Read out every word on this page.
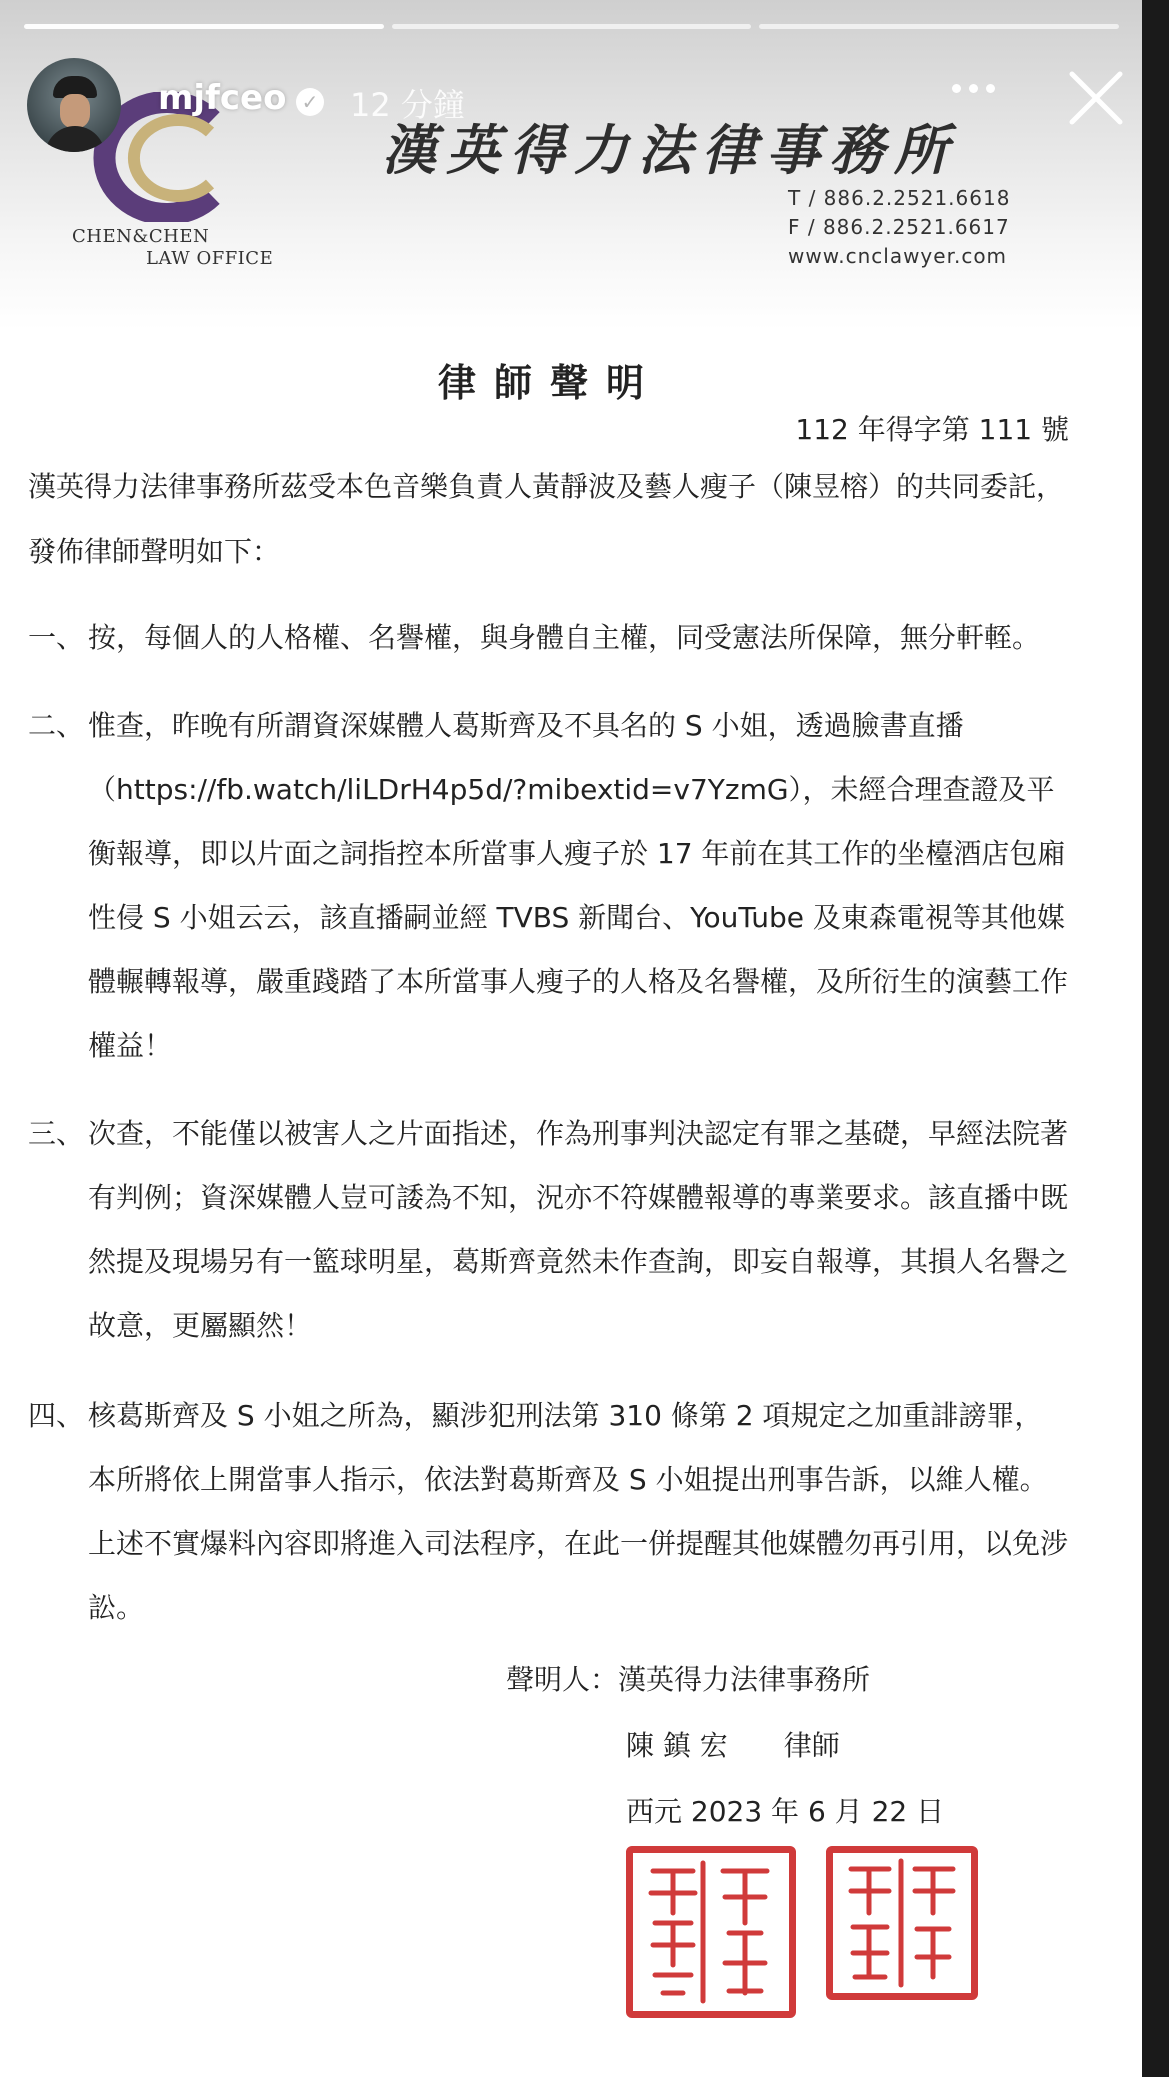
mjfceo ✓ 12 分鐘
CHEN&CHEN
LAW OFFICE
漢英得力法律事務所
T / 886.2.2521.6618
F / 886.2.2521.6617
www.cnclawyer.com
律師聲明
112 年得字第 111 號
漢英得力法律事務所茲受本色音樂負責人黃靜波及藝人瘦子（陳昱榕）的共同委託，發佈律師聲明如下：
一、 按，每個人的人格權、名譽權，與身體自主權，同受憲法所保障，無分軒輊。
二、 惟查，昨晚有所謂資深媒體人葛斯齊及不具名的 S 小姐，透過臉書直播（https://fb.watch/liLDrH4p5d/?mibextid=v7YzmG），未經合理查證及平衡報導，即以片面之詞指控本所當事人瘦子於 17 年前在其工作的坐檯酒店包廂性侵 S 小姐云云，該直播嗣並經 TVBS 新聞台、YouTube 及東森電視等其他媒體輾轉報導，嚴重踐踏了本所當事人瘦子的人格及名譽權，及所衍生的演藝工作權益！
三、 次查，不能僅以被害人之片面指述，作為刑事判決認定有罪之基礎，早經法院著有判例；資深媒體人豈可諉為不知，況亦不符媒體報導的專業要求。該直播中既然提及現場另有一籃球明星，葛斯齊竟然未作查詢，即妄自報導，其損人名譽之故意，更屬顯然！
四、 核葛斯齊及 S 小姐之所為，顯涉犯刑法第 310 條第 2 項規定之加重誹謗罪，本所將依上開當事人指示，依法對葛斯齊及 S 小姐提出刑事告訴，以維人權。上述不實爆料內容即將進入司法程序，在此一併提醒其他媒體勿再引用，以免涉訟。
聲明人：漢英得力法律事務所
陳 鎮 宏　　律師
西元 2023 年 6 月 22 日
